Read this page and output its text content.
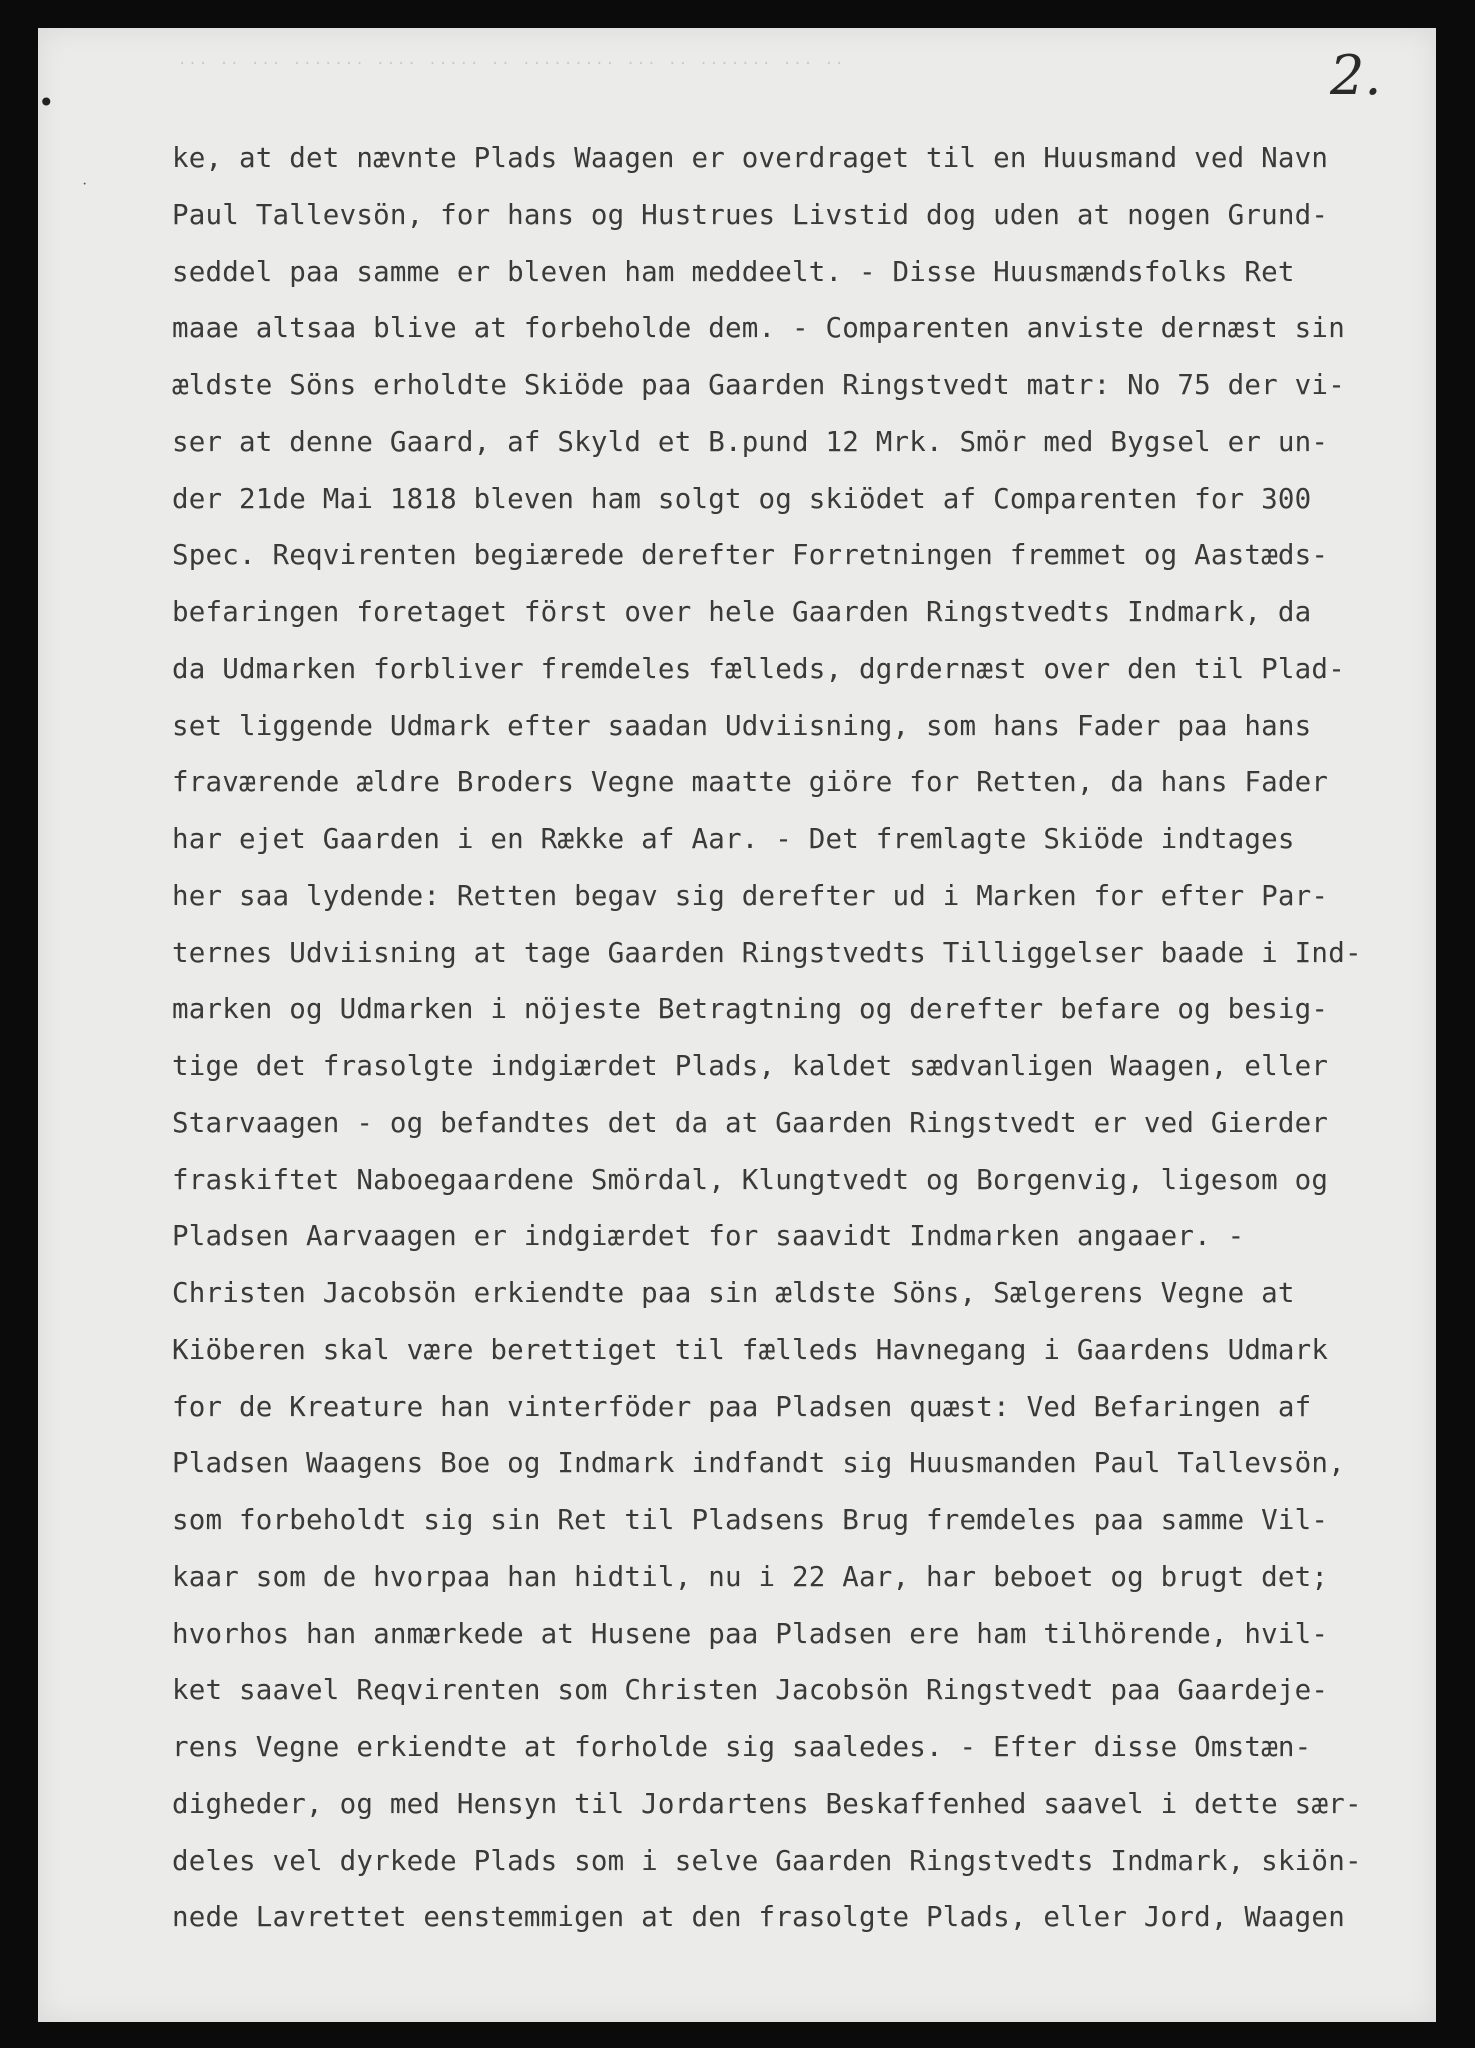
... .. ... ....... .... ..... .. ......... ... .. ....... ... ..	2.
·
ke, at det nævnte Plads Waagen er overdraget til en Huusmand ved Navn
Paul Tallevsön, for hans og Hustrues Livstid dog uden at nogen Grund-
seddel paa samme er bleven ham meddeelt. - Disse Huusmændsfolks Ret
maae altsaa blive at forbeholde dem. - Comparenten anviste dernæst sin
ældste Söns erholdte Skiöde paa Gaarden Ringstvedt matr: No 75 der vi-
ser at denne Gaard, af Skyld et B.pund 12 Mrk. Smör med Bygsel er un-
der 21de Mai 1818 bleven ham solgt og skiödet af Comparenten for 300
Spec. Reqvirenten begiærede derefter Forretningen fremmet og Aastæds-
befaringen foretaget först over hele Gaarden Ringstvedts Indmark, da
da Udmarken forbliver fremdeles fælleds, dgrdernæst over den til Plad-
set liggende Udmark efter saadan Udviisning, som hans Fader paa hans
fraværende ældre Broders Vegne maatte giöre for Retten, da hans Fader
har ejet Gaarden i en Række af Aar. - Det fremlagte Skiöde indtages
her saa lydende: Retten begav sig derefter ud i Marken for efter Par-
ternes Udviisning at tage Gaarden Ringstvedts Tilliggelser baade i Ind-
marken og Udmarken i nöjeste Betragtning og derefter befare og besig-
tige det frasolgte indgiærdet Plads, kaldet sædvanligen Waagen, eller
Starvaagen - og befandtes det da at Gaarden Ringstvedt er ved Gierder
fraskiftet Naboegaardene Smördal, Klungtvedt og Borgenvig, ligesom og
Pladsen Aarvaagen er indgiærdet for saavidt Indmarken angaaer. -
Christen Jacobsön erkiendte paa sin ældste Söns, Sælgerens Vegne at
Kiöberen skal være berettiget til fælleds Havnegang i Gaardens Udmark
for de Kreature han vinterföder paa Pladsen quæst: Ved Befaringen af
Pladsen Waagens Boe og Indmark indfandt sig Huusmanden Paul Tallevsön,
som forbeholdt sig sin Ret til Pladsens Brug fremdeles paa samme Vil-
kaar som de hvorpaa han hidtil, nu i 22 Aar, har beboet og brugt det;
hvorhos han anmærkede at Husene paa Pladsen ere ham tilhörende, hvil-
ket saavel Reqvirenten som Christen Jacobsön Ringstvedt paa Gaardeje-
rens Vegne erkiendte at forholde sig saaledes. - Efter disse Omstæn-
digheder, og med Hensyn til Jordartens Beskaffenhed saavel i dette sær-
deles vel dyrkede Plads som i selve Gaarden Ringstvedts Indmark, skiön-
nede Lavrettet eenstemmigen at den frasolgte Plads, eller Jord, Waagen
•
